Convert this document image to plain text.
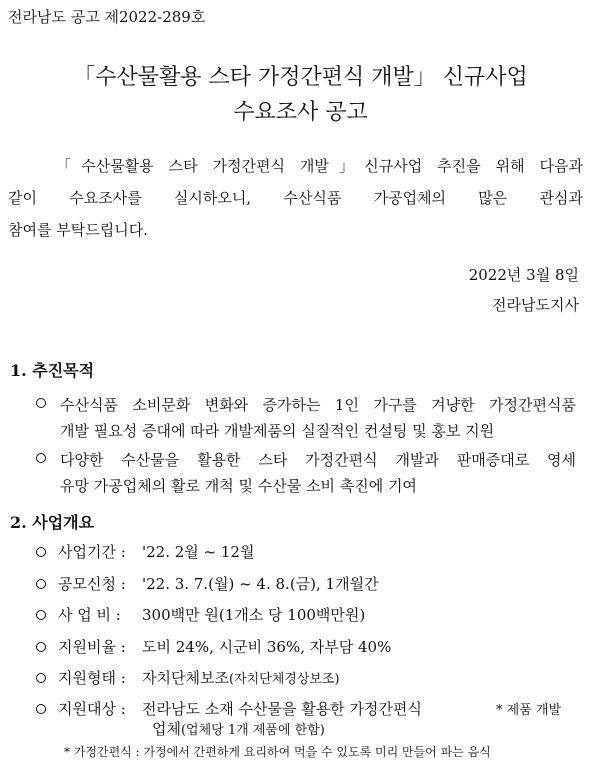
전라남도 공고 제2022-289호
「수산물활용 스타 가정간편식 개발」 신규사업
수요조사 공고

「수산물활용 스타 가정간편식 개발」신규사업 추진을 위해 다음과

같이 수요조사를 실시하오니, 수산식품 가공업체의 많은 관심과

참여를 부탁드립니다.

2022년 3월 8일
전라남도지사
1. 추진목적
수산식품 소비문화 변화와 증가하는 1인 가구를 겨냥한 가정간편식품
개발 필요성 증대에 따라 개발제품의 실질적인 컨설팅 및 홍보 지원
다양한 수산물을 활용한 스타 가정간편식 개발과 판매증대로 영세
유망 가공업체의 활로 개척 및 수산물 소비 촉진에 기여
2. 사업개요
사업기간 : '22. 2월 ~ 12월
공모신청 : '22. 3. 7.(월) ~ 4. 8.(금), 1개월간
사 업 비 : 300백만 원(1개소 당 100백만원)
지원비율 : 도비 24%, 시군비 36%, 자부담 40%
지원형태 : 자치단체보조(자치단체경상보조)
지원대상 : 전라남도 소재 수산물을 활용한 가정간편식	* 제품 개발
업체(업체당 1개 제품에 한함)
* 가정간편식 : 가정에서 간편하게 요리하여 먹을 수 있도록 미리 만들어 파는 음식
